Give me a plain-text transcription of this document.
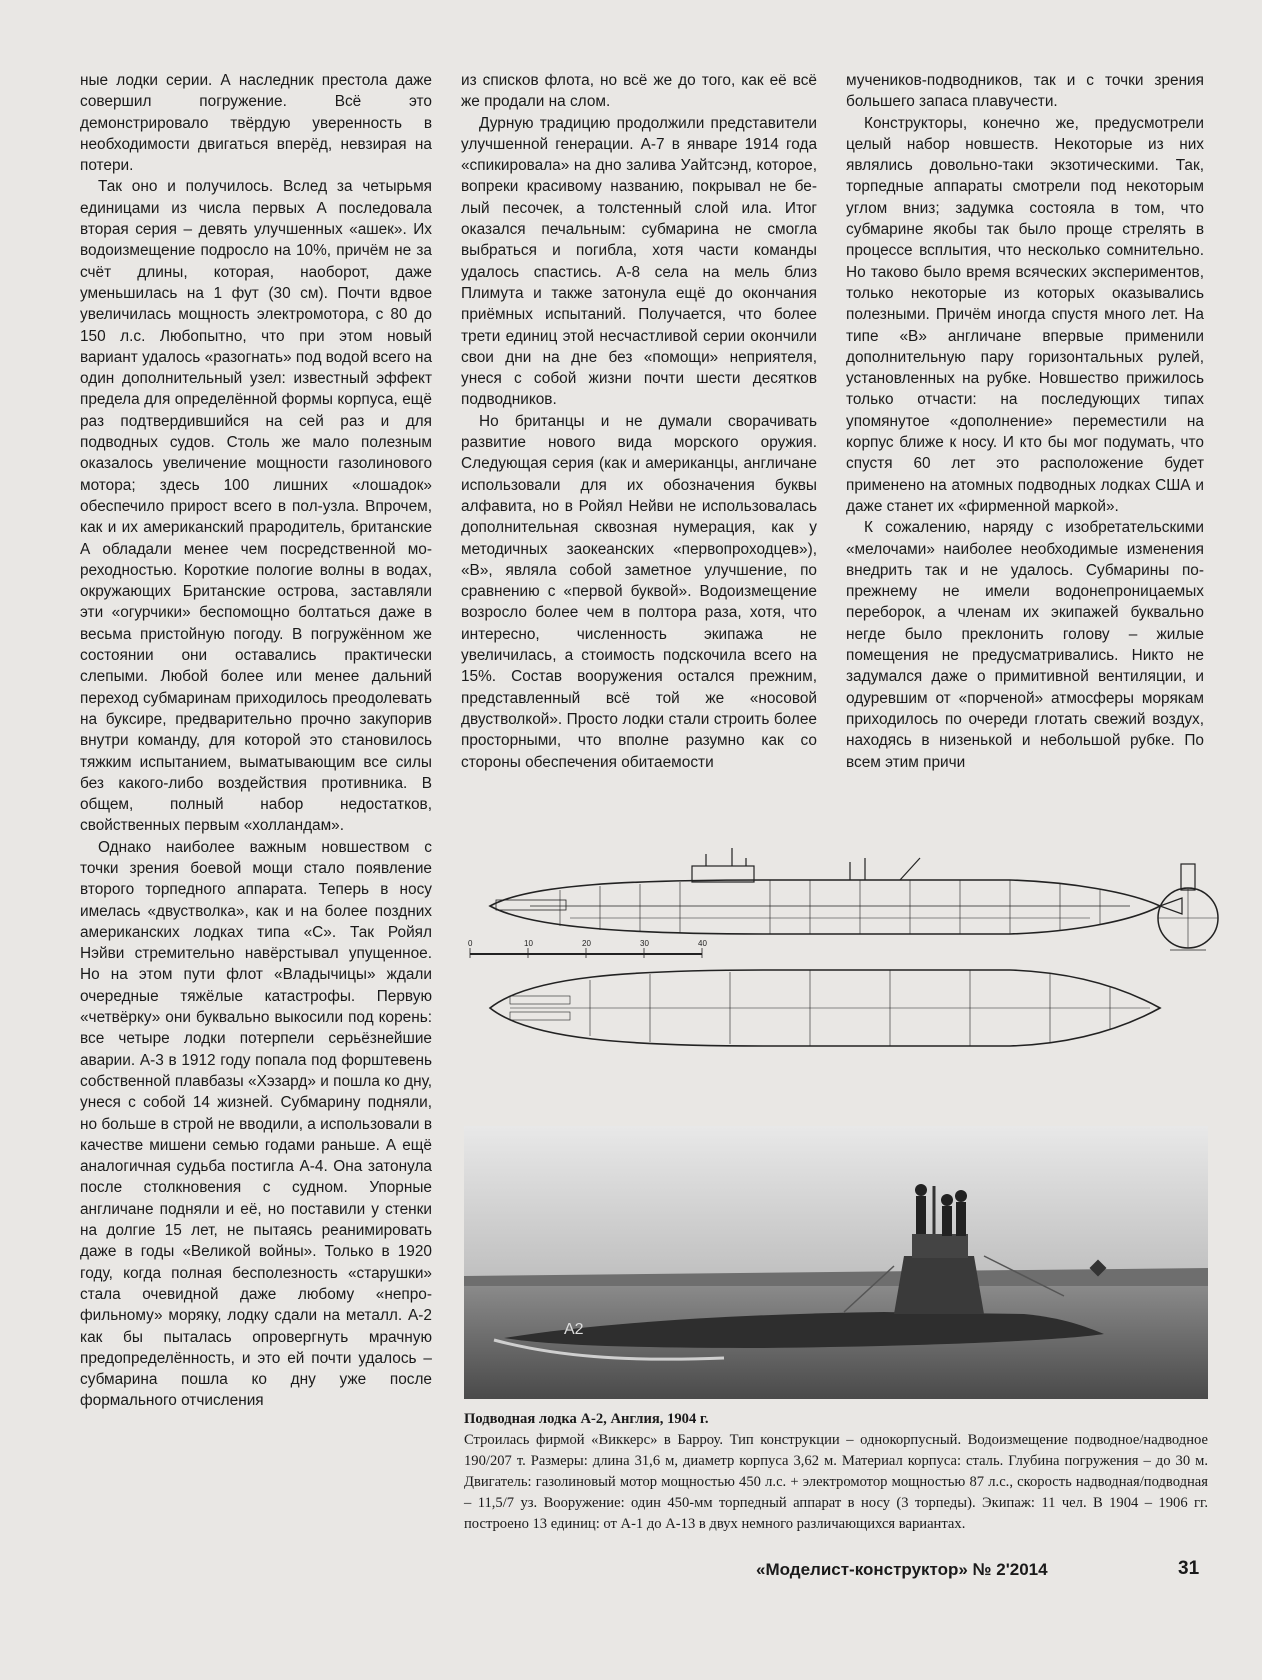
ные лодки серии. А наследник престола даже совершил погружение. Всё это демонстрировало твёрдую уверенность в необходимости двигаться вперёд, невзирая на потери.

Так оно и получилось. Вслед за четырьмя единицами из числа первых А последовала вторая серия – девять улучшенных «ашек». Их водоизмещение подросло на 10%, причём не за счёт длины, которая, наоборот, даже уменьшилась на 1 фут (30 см). Почти вдвое увеличилась мощность электромотора, с 80 до 150 л.с. Любопытно, что при этом новый вариант удалось «разогнать» под водой всего на один дополнительный узел: известный эффект предела для определённой формы корпуса, ещё раз подтвердившийся на сей раз и для подводных судов. Столь же мало полезным оказалось увеличение мощности газолинового мотора; здесь 100 лишних «лошадок» обеспечило прирост всего в пол-узла. Впрочем, как и их американский прародитель, британские А обладали менее чем посредственной мореходностью. Короткие пологие волны в водах, окружающих Британские острова, заставляли эти «огурчики» беспомощно болтаться даже в весьма пристойную погоду. В погружённом же состоянии они оставались практически слепыми. Любой более или менее дальний переход субмаринам приходилось преодолевать на буксире, предварительно прочно закупорив внутри команду, для которой это становилось тяжким испытанием, выматывающим все силы без какого-либо воздействия противника. В общем, полный набор недостатков, свойственных первым «холландам».

Однако наиболее важным новшеством с точки зрения боевой мощи стало появление второго торпедного аппарата. Теперь в носу имелась «двустволка», как и на более поздних американских лодках типа «С». Так Ройял Нэйви стремительно навёрстывал упущенное. Но на этом пути флот «Владычицы» ждали очередные тяжёлые катастрофы. Первую «четвёрку» они буквально выкосили под корень: все четыре лодки потерпели серьёзнейшие аварии. А-3 в 1912 году попала под форштевень собственной плавбазы «Хэзард» и пошла ко дну, унеся с собой 14 жизней. Субмарину подняли, но больше в строй не вводили, а использовали в качестве мишени семью годами раньше. А ещё аналогичная судьба постигла А-4. Она затонула после столкновения с судном. Упорные англичане подняли и её, но поставили у стенки на долгие 15 лет, не пытаясь реанимировать даже в годы «Великой войны». Только в 1920 году, когда полная бесполезность «старушки» стала очевидной даже любому «непрофильному» моряку, лодку сдали на металл. А-2 как бы пыталась опровергнуть мрачную предопределённость, и это ей почти удалось – субмарина пошла ко дну уже после формального отчисления

из списков флота, но всё же до того, как её всё же продали на слом.

Дурную традицию продолжили представители улучшенной генерации. А-7 в январе 1914 года «спикировала» на дно залива Уайтсэнд, которое, вопреки красивому названию, покрывал не белый песочек, а толстенный слой ила. Итог оказался печальным: субмарина не смогла выбраться и погибла, хотя части команды удалось спастись. А-8 села на мель близ Плимута и также затонула ещё до окончания приёмных испытаний. Получается, что более трети единиц этой несчастливой серии окончили свои дни на дне без «помощи» неприятеля, унеся с собой жизни почти шести десятков подводников.

Но британцы и не думали сворачивать развитие нового вида морского оружия. Следующая серия (как и американцы, англичане использовали для их обозначения буквы алфавита, но в Ройял Нейви не использовалась дополнительная сквозная нумерация, как у методичных заокеанских «первопроходцев»), «В», являла собой заметное улучшение, по сравнению с «первой буквой». Водоизмещение возросло более чем в полтора раза, хотя, что интересно, численность экипажа не увеличилась, а стоимость подскочила всего на 15%. Состав вооружения остался прежним, представленный всё той же «носовой двустволкой». Просто лодки стали строить более просторными, что вполне разумно как со стороны обеспечения обитаемости

мучеников-подводников, так и с точки зрения большего запаса плавучести.

Конструкторы, конечно же, предусмотрели целый набор новшеств. Некоторые из них являлись довольно-таки экзотическими. Так, торпедные аппараты смотрели под некоторым углом вниз; задумка состояла в том, что субмарине якобы так было проще стрелять в процессе всплытия, что несколько сомнительно. Но таково было время всяческих экспериментов, только некоторые из которых оказывались полезными. Причём иногда спустя много лет. На типе «В» англичане впервые применили дополнительную пару горизонтальных рулей, установленных на рубке. Новшество прижилось только отчасти: на последующих типах упомянутое «дополнение» переместили на корпус ближе к носу. И кто бы мог подумать, что спустя 60 лет это расположение будет применено на атомных подводных лодках США и даже станет их «фирменной маркой».

К сожалению, наряду с изобретательскими «мелочами» наиболее необходимые изменения внедрить так и не удалось. Субмарины по-прежнему не имели водонепроницаемых переборок, а членам их экипажей буквально негде было преклонить голову – жилые помещения не предусматривались. Никто не задумался даже о примитивной вентиляции, и одуревшим от «порченой» атмосферы морякам приходилось по очереди глотать свежий воздух, находясь в низенькой и небольшой рубке. По всем этим причи

0	10	20	30	40
A2
Подводная лодка А-2, Англия, 1904 г.
Строилась фирмой «Виккерс» в Барроу. Тип конструкции – однокорпусный. Водоизмещение подводное/надводное 190/207 т. Размеры: длина 31,6 м, диаметр корпуса 3,62 м. Материал корпуса: сталь. Глубина погружения – до 30 м. Двигатель: газолиновый мотор мощностью 450 л.с. + электромотор мощностью 87 л.с., скорость надводная/подводная – 11,5/7 уз. Вооружение: один 450-мм торпедный аппарат в носу (3 торпеды). Экипаж: 11 чел. В 1904 – 1906 гг. построено 13 единиц: от А-1 до А-13 в двух немного различающихся вариантах.
«Моделист-конструктор» № 2'2014	31
